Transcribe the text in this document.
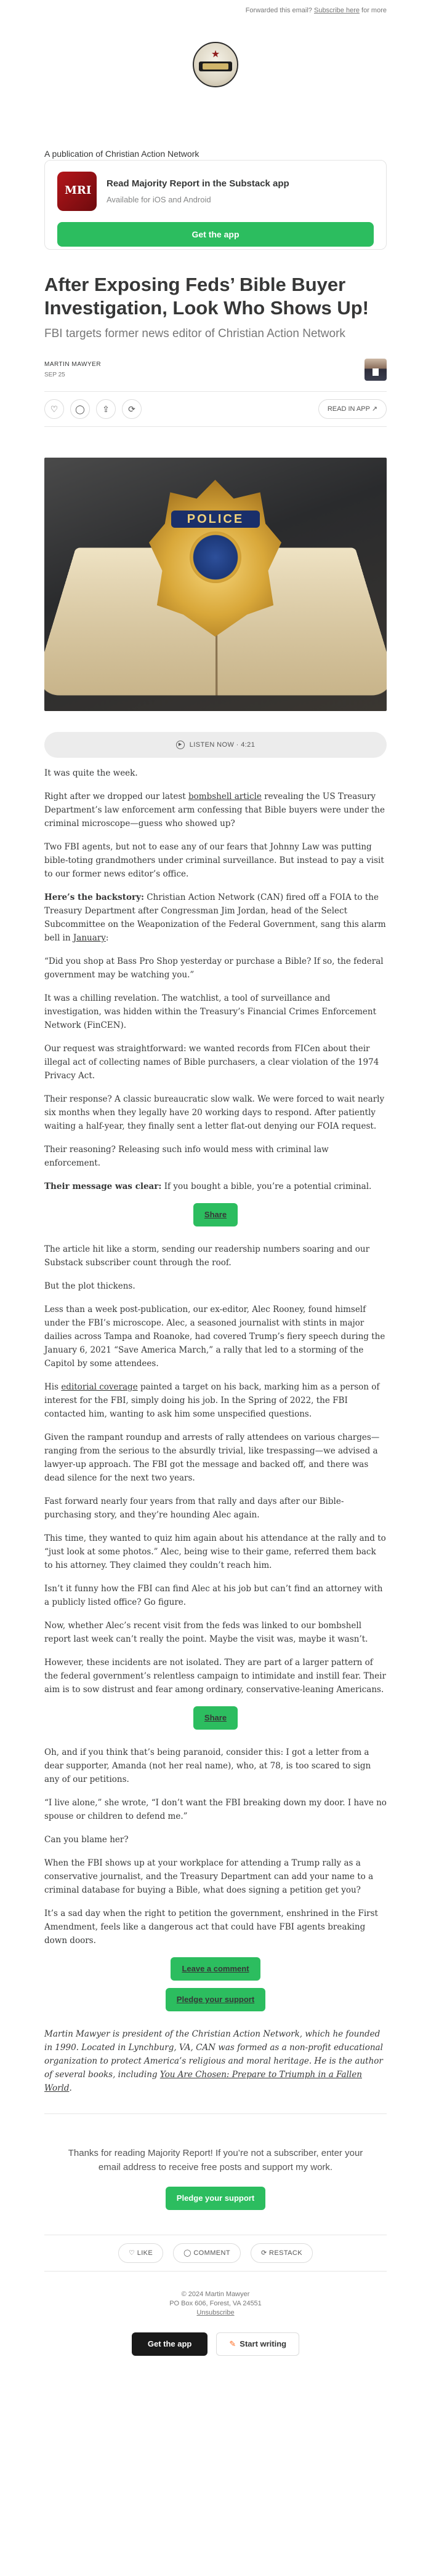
Forwarded this email? Subscribe here for more
★
A publication of Christian Action Network
MRI
Read Majority Report in the Substack app
Available for iOS and Android
Get the app
After Exposing Feds’ Bible Buyer Investigation, Look Who Shows Up!
FBI targets former news editor of Christian Action Network
MARTIN MAWYER
SEP 25
♡	◯	⇪	⟳	READ IN APP ↗
POLICE
▶	LISTEN NOW · 4:21

It was quite the week.

Right after we dropped our latest bombshell article revealing the US Treasury Department’s law enforcement arm confessing that Bible buyers were under the criminal microscope—guess who showed up?

Two FBI agents, but not to ease any of our fears that Johnny Law was putting bible-toting grandmothers under criminal surveillance. But instead to pay a visit to our former news editor’s office.

Here’s the backstory: Christian Action Network (CAN) fired off a FOIA to the Treasury Department after Congressman Jim Jordan, head of the Select Subcommittee on the Weaponization of the Federal Government, sang this alarm bell in January:

“Did you shop at Bass Pro Shop yesterday or purchase a Bible? If so, the federal government may be watching you.”

It was a chilling revelation. The watchlist, a tool of surveillance and investigation, was hidden within the Treasury’s Financial Crimes Enforcement Network (FinCEN).

Our request was straightforward: we wanted records from FICen about their illegal act of collecting names of Bible purchasers, a clear violation of the 1974 Privacy Act.

Their response? A classic bureaucratic slow walk. We were forced to wait nearly six months when they legally have 20 working days to respond. After patiently waiting a half-year, they finally sent a letter flat-out denying our FOIA request.

Their reasoning? Releasing such info would mess with criminal law enforcement.

Their message was clear: If you bought a bible, you’re a potential criminal.

Share

The article hit like a storm, sending our readership numbers soaring and our Substack subscriber count through the roof.

But the plot thickens.

Less than a week post-publication, our ex-editor, Alec Rooney, found himself under the FBI’s microscope. Alec, a seasoned journalist with stints in major dailies across Tampa and Roanoke, had covered Trump’s fiery speech during the January 6, 2021 “Save America March,” a rally that led to a storming of the Capitol by some attendees.

His editorial coverage painted a target on his back, marking him as a person of interest for the FBI, simply doing his job. In the Spring of 2022, the FBI contacted him, wanting to ask him some unspecified questions.

Given the rampant roundup and arrests of rally attendees on various charges—ranging from the serious to the absurdly trivial, like trespassing—we advised a lawyer-up approach. The FBI got the message and backed off, and there was dead silence for the next two years.

Fast forward nearly four years from that rally and days after our Bible-purchasing story, and they’re hounding Alec again.

This time, they wanted to quiz him again about his attendance at the rally and to “just look at some photos.” Alec, being wise to their game, referred them back to his attorney. They claimed they couldn’t reach him.

Isn’t it funny how the FBI can find Alec at his job but can’t find an attorney with a publicly listed office? Go figure.

Now, whether Alec’s recent visit from the feds was linked to our bombshell report last week can’t really the point. Maybe the visit was, maybe it wasn’t.

However, these incidents are not isolated. They are part of a larger pattern of the federal government’s relentless campaign to intimidate and instill fear. Their aim is to sow distrust and fear among ordinary, conservative-leaning Americans.

Share

Oh, and if you think that’s being paranoid, consider this: I got a letter from a dear supporter, Amanda (not her real name), who, at 78, is too scared to sign any of our petitions.

“I live alone,” she wrote, “I don’t want the FBI breaking down my door. I have no spouse or children to defend me.”

Can you blame her?

When the FBI shows up at your workplace for attending a Trump rally as a conservative journalist, and the Treasury Department can add your name to a criminal database for buying a Bible, what does signing a petition get you?

It’s a sad day when the right to petition the government, enshrined in the First Amendment, feels like a dangerous act that could have FBI agents breaking down doors.

Leave a comment
Pledge your support

Martin Mawyer is president of the Christian Action Network, which he founded in 1990. Located in Lynchburg, VA, CAN was formed as a non-profit educational organization to protect America’s religious and moral heritage. He is the author of several books, including You Are Chosen: Prepare to Triumph in a Fallen World.

Thanks for reading Majority Report! If you’re not a subscriber, enter your email address to receive free posts and support my work.
Pledge your support
♡ LIKE	◯ COMMENT	⟳ RESTACK
© 2024 Martin Mawyer
PO Box 606, Forest, VA 24551
Unsubscribe
Get the app	✎ Start writing
